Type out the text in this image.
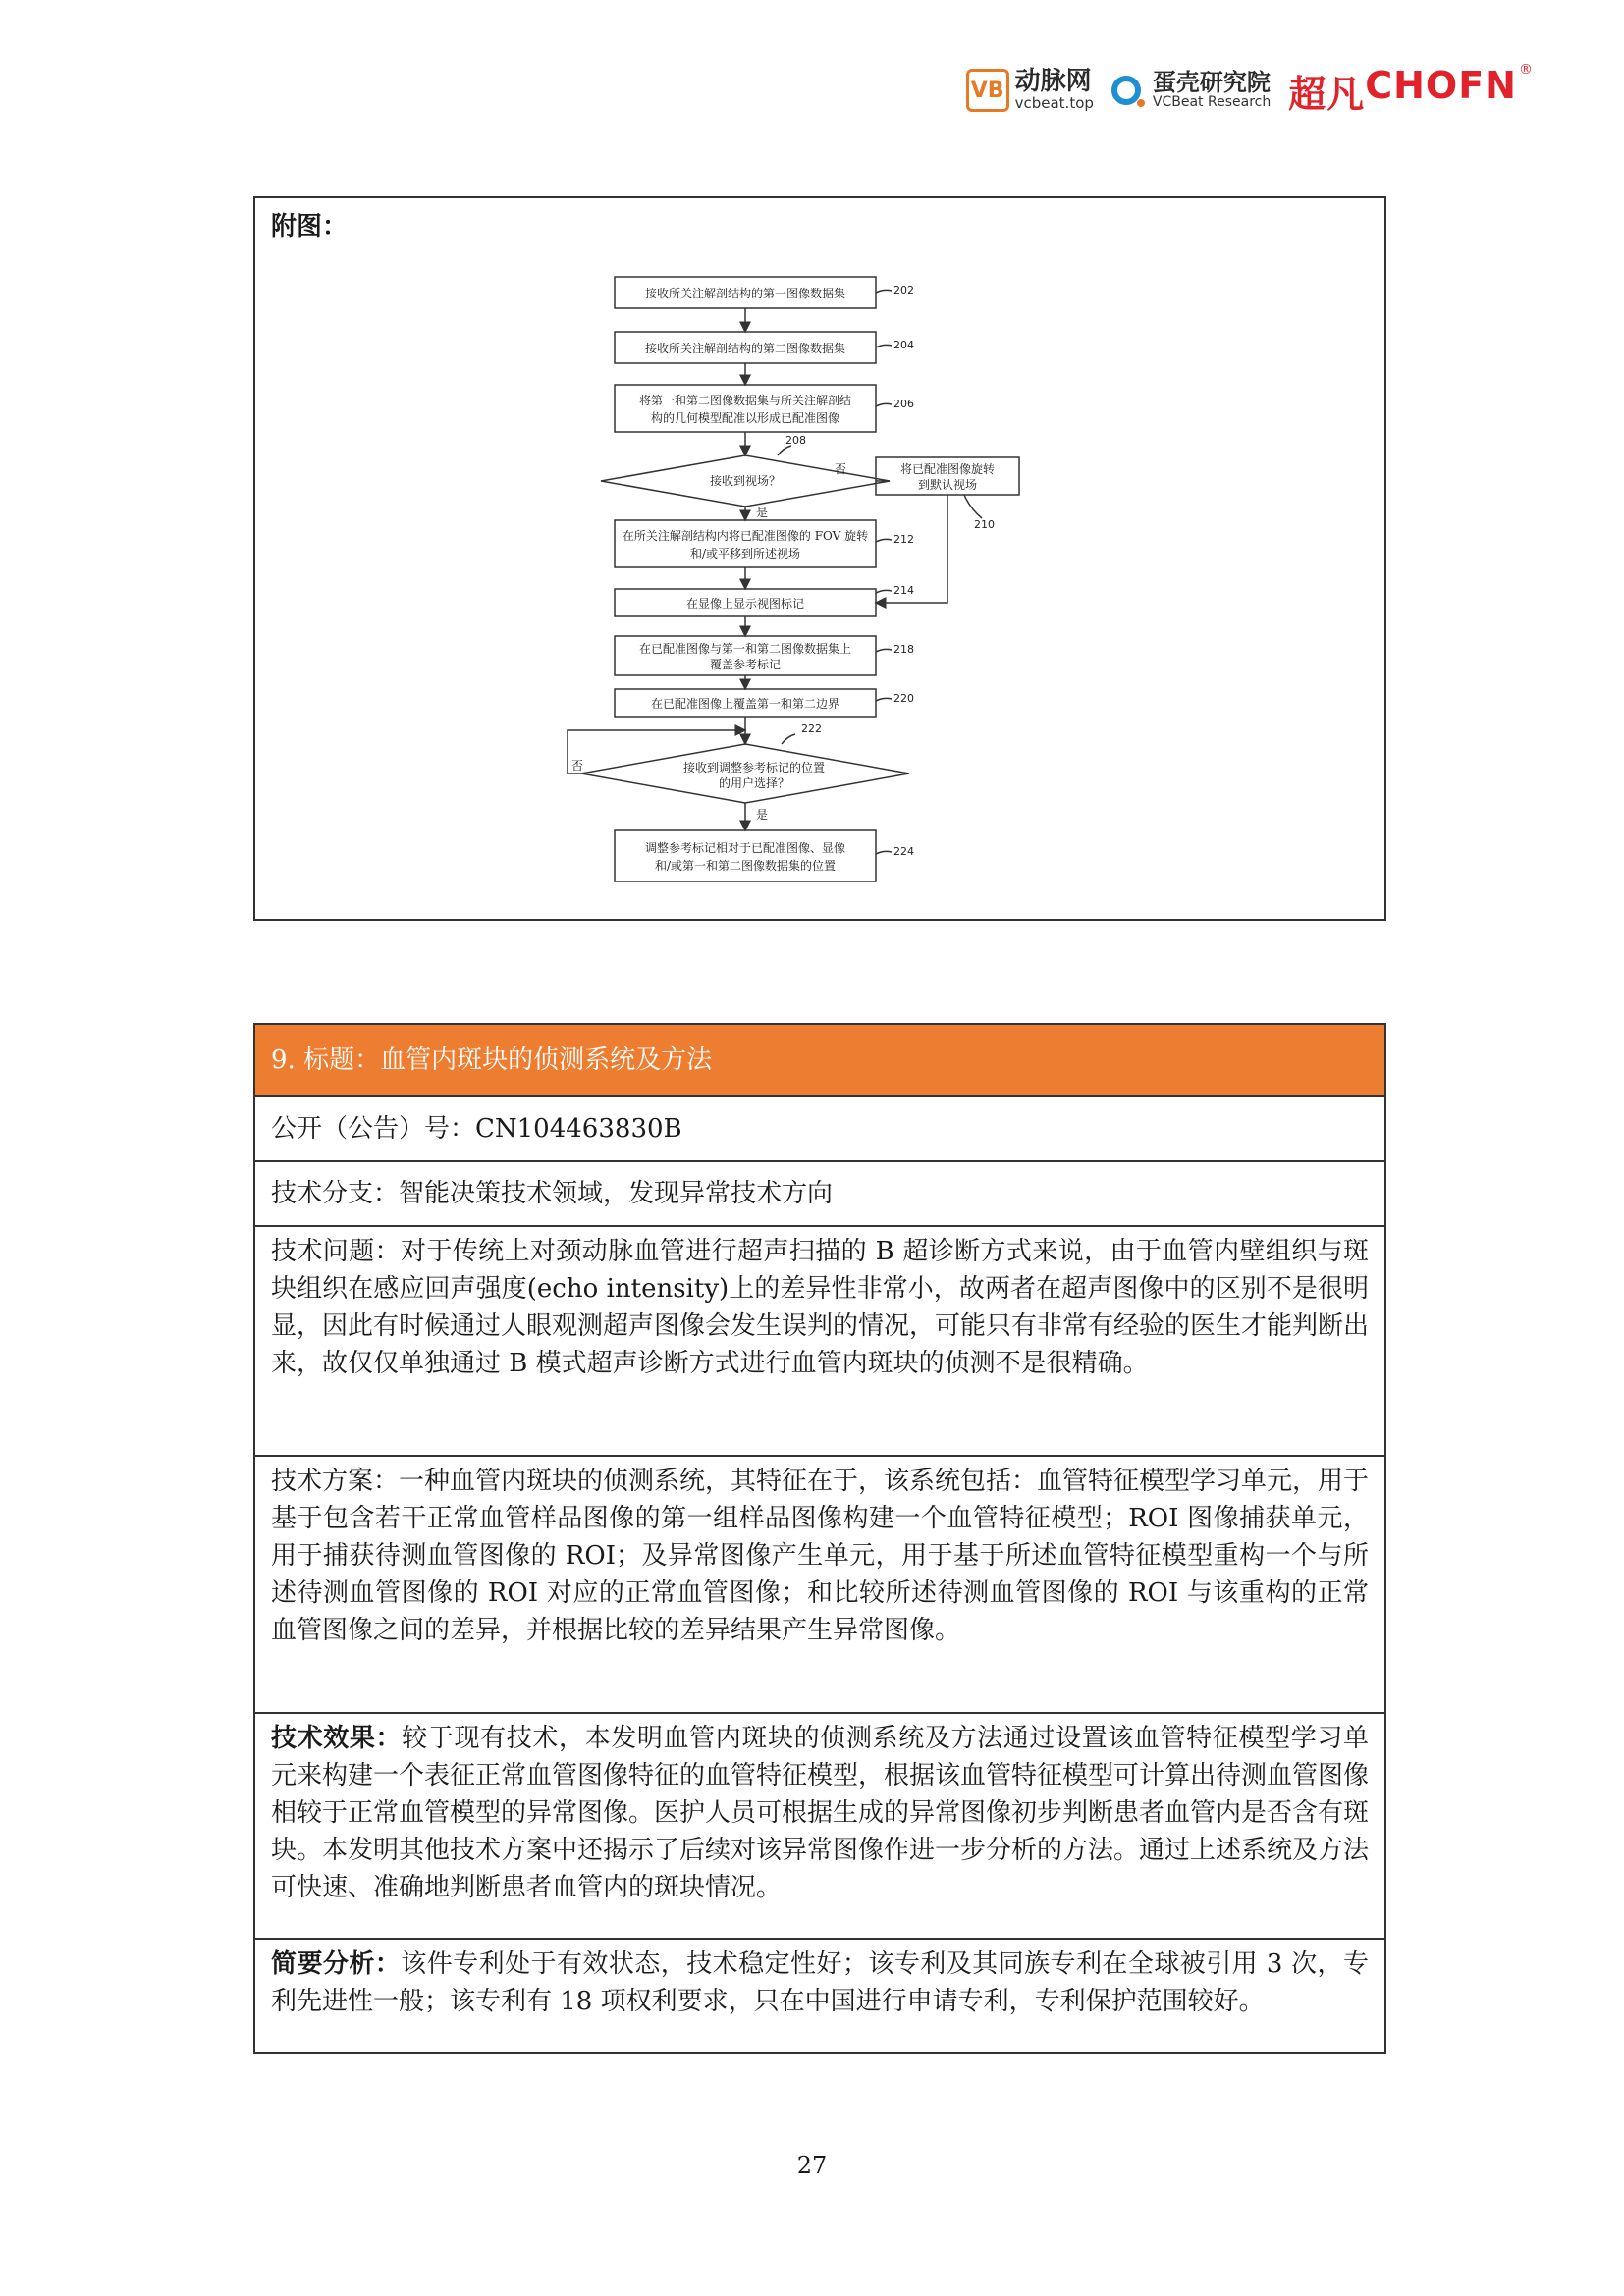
VB 动脉网
vcbeat.top
蛋壳研究院
VCBeat Research 超凡 CHOFN®
附图：
接收所关注解剖结构的第一图像数据集
接收所关注解剖结构的第二图像数据集
将第一和第二图像数据集与所关注解剖结
构的几何模型配准以形成已配准图像
接收到视场？
将已配准图像旋转
到默认视场
在所关注解剖结构内将已配准图像的 FOV 旋转
和/或平移到所述视场
在显像上显示视图标记
在已配准图像与第一和第二图像数据集上
覆盖参考标记
在已配准图像上覆盖第一和第二边界
接收到调整参考标记的位置
的用户选择？
调整参考标记相对于已配准图像、显像
和/或第一和第二图像数据集的位置
否
是
否
是
202
204
206
208
210
212
214
218
220
222
224
9. 标题：血管内斑块的侦测系统及方法
公开（公告）号：CN104463830B
技术分支：智能决策技术领域，发现异常技术方向
技术问题：对于传统上对颈动脉血管进行超声扫描的 B 超诊断方式来说，由于血管内壁组织与斑块组织在感应回声强度(echo intensity)上的差异性非常小，故两者在超声图像中的区别不是很明显，因此有时候通过人眼观测超声图像会发生误判的情况，可能只有非常有经验的医生才能判断出来，故仅仅单独通过 B 模式超声诊断方式进行血管内斑块的侦测不是很精确。
技术方案：一种血管内斑块的侦测系统，其特征在于，该系统包括：血管特征模型学习单元，用于基于包含若干正常血管样品图像的第一组样品图像构建一个血管特征模型；ROI 图像捕获单元，用于捕获待测血管图像的 ROI；及异常图像产生单元，用于基于所述血管特征模型重构一个与所述待测血管图像的 ROI 对应的正常血管图像；和比较所述待测血管图像的 ROI 与该重构的正常血管图像之间的差异，并根据比较的差异结果产生异常图像。
技术效果：较于现有技术，本发明血管内斑块的侦测系统及方法通过设置该血管特征模型学习单元来构建一个表征正常血管图像特征的血管特征模型，根据该血管特征模型可计算出待测血管图像相较于正常血管模型的异常图像。医护人员可根据生成的异常图像初步判断患者血管内是否含有斑块。本发明其他技术方案中还揭示了后续对该异常图像作进一步分析的方法。通过上述系统及方法可快速、准确地判断患者血管内的斑块情况。
简要分析：该件专利处于有效状态，技术稳定性好；该专利及其同族专利在全球被引用 3 次，专利先进性一般；该专利有 18 项权利要求，只在中国进行申请专利，专利保护范围较好。
27
